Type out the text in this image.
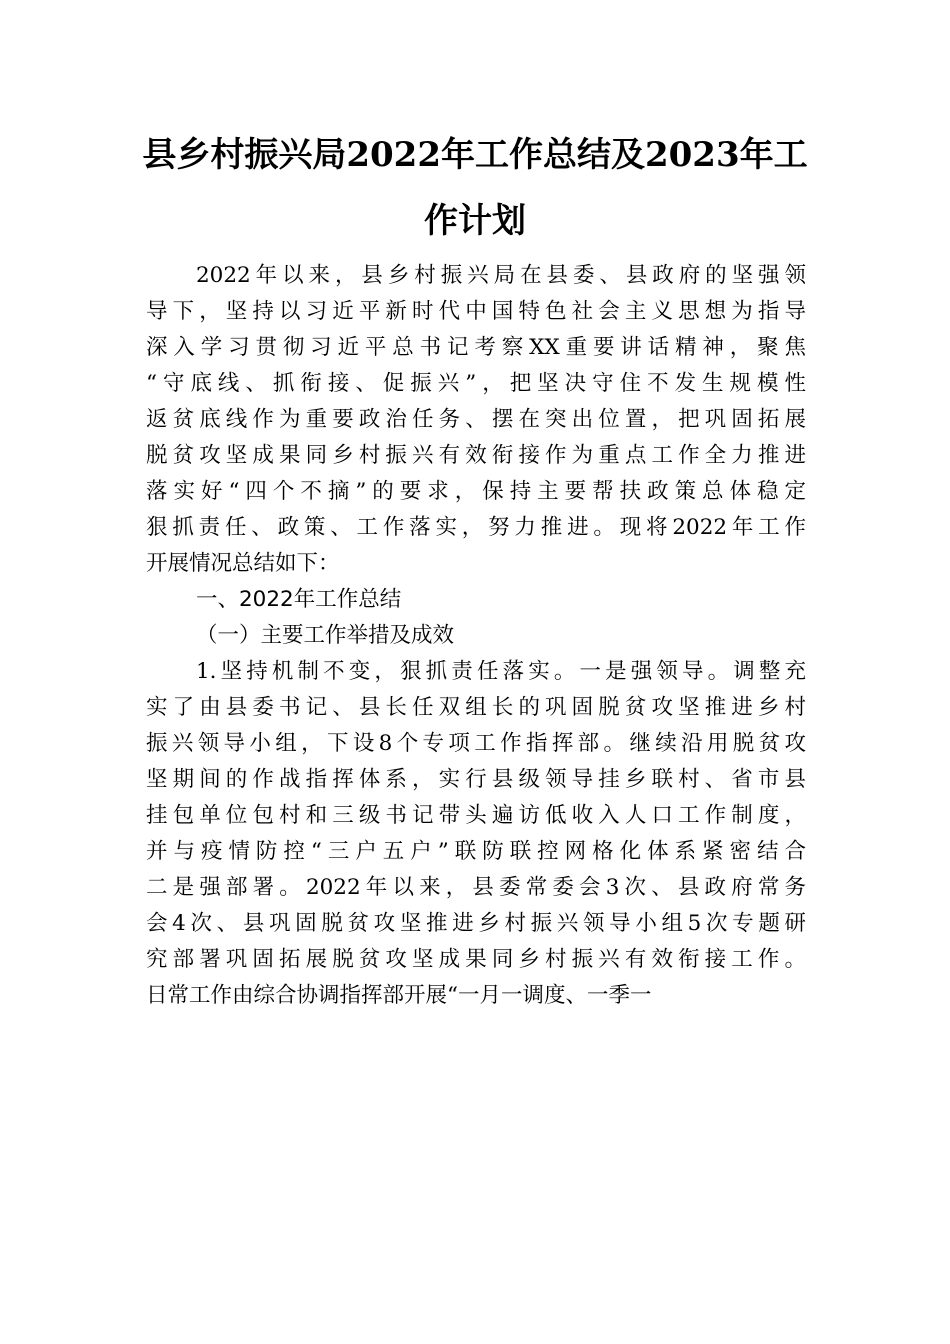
县乡村振兴局2022年工作总结及2023年工
作计划
2022年以来，县乡村振兴局在县委、县政府的坚强领
导下，坚持以习近平新时代中国特色社会主义思想为指导
深入学习贯彻习近平总书记考察XX重要讲话精神，聚焦
“守底线、抓衔接、促振兴”，把坚决守住不发生规模性
返贫底线作为重要政治任务、摆在突出位置，把巩固拓展
脱贫攻坚成果同乡村振兴有效衔接作为重点工作全力推进
落实好“四个不摘”的要求，保持主要帮扶政策总体稳定
狠抓责任、政策、工作落实，努力推进。现将2022年工作
开展情况总结如下：
一、2022年工作总结
（一）主要工作举措及成效
1.坚持机制不变，狠抓责任落实。一是强领导。调整充
实了由县委书记、县长任双组长的巩固脱贫攻坚推进乡村
振兴领导小组，下设8个专项工作指挥部。继续沿用脱贫攻
坚期间的作战指挥体系，实行县级领导挂乡联村、省市县
挂包单位包村和三级书记带头遍访低收入人口工作制度，
并与疫情防控“三户五户”联防联控网格化体系紧密结合
二是强部署。2022年以来，县委常委会3次、县政府常务
会4次、县巩固脱贫攻坚推进乡村振兴领导小组5次专题研
究部署巩固拓展脱贫攻坚成果同乡村振兴有效衔接工作。
日常工作由综合协调指挥部开展“一月一调度、一季一
